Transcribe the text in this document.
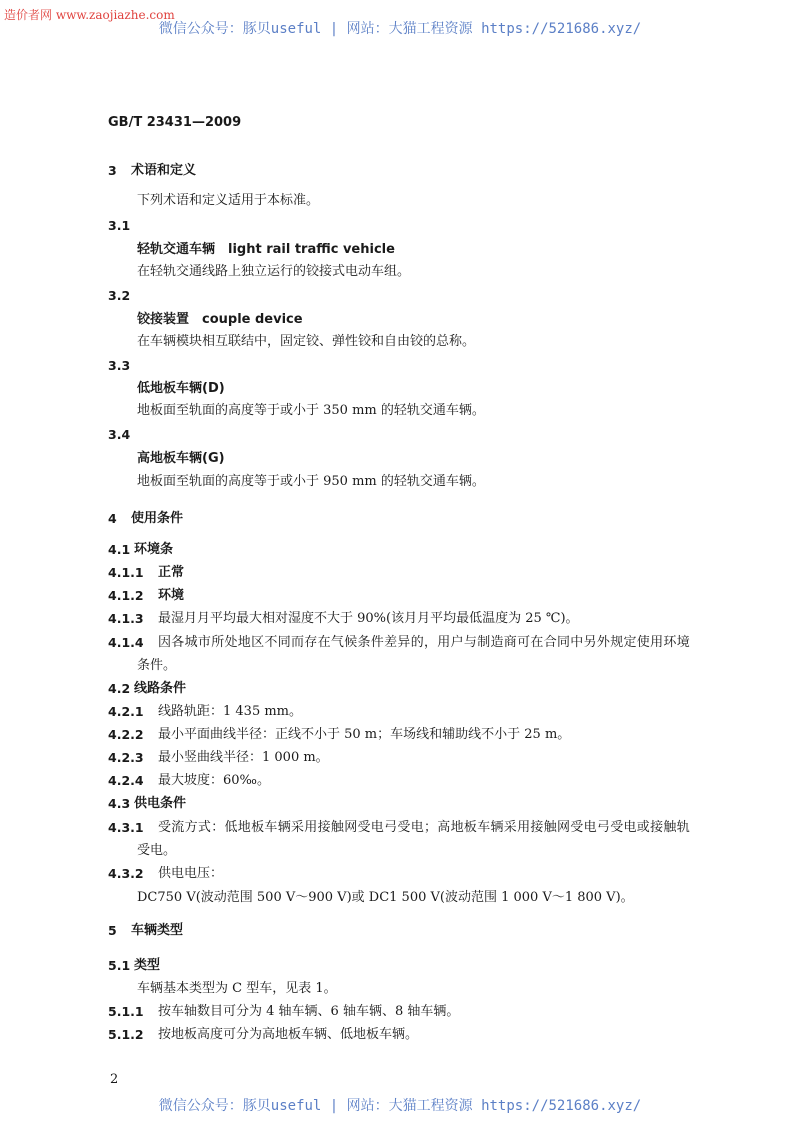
造价者网 www.zaojiazhe.com
微信公众号：豚贝useful | 网站：大猫工程资源 https://521686.xyz/
GB/T 23431—2009
3 术语和定义
下列术语和定义适用于本标准。
3.1
轻轨交通车辆　light rail traffic vehicle
在轻轨交通线路上独立运行的铰接式电动车组。
3.2
铰接装置　couple device
在车辆模块相互联结中，固定铰、弹性铰和自由铰的总称。
3.3
低地板车辆(D)
地板面至轨面的高度等于或小于 350 mm 的轻轨交通车辆。
3.4
高地板车辆(G)
地板面至轨面的高度等于或小于 950 mm 的轻轨交通车辆。
4 使用条件
4.1 环境条
4.1.1 正常
4.1.2 环境
4.1.3 最湿月月平均最大相对湿度不大于 90%(该月月平均最低温度为 25 ℃)。
4.1.4 因各城市所处地区不同而存在气候条件差异的，用户与制造商可在合同中另外规定使用环境
条件。
4.2 线路条件
4.2.1 线路轨距：1 435 mm。
4.2.2 最小平面曲线半径：正线不小于 50 m；车场线和辅助线不小于 25 m。
4.2.3 最小竖曲线半径：1 000 m。
4.2.4 最大坡度：60‰。
4.3 供电条件
4.3.1 受流方式：低地板车辆采用接触网受电弓受电；高地板车辆采用接触网受电弓受电或接触轨
受电。
4.3.2 供电电压：
DC750 V(波动范围 500 V～900 V)或 DC1 500 V(波动范围 1 000 V～1 800 V)。
5 车辆类型
5.1 类型
车辆基本类型为 C 型车，见表 1。
5.1.1 按车轴数目可分为 4 轴车辆、6 轴车辆、8 轴车辆。
5.1.2 按地板高度可分为高地板车辆、低地板车辆。
2
微信公众号：豚贝useful | 网站：大猫工程资源 https://521686.xyz/
